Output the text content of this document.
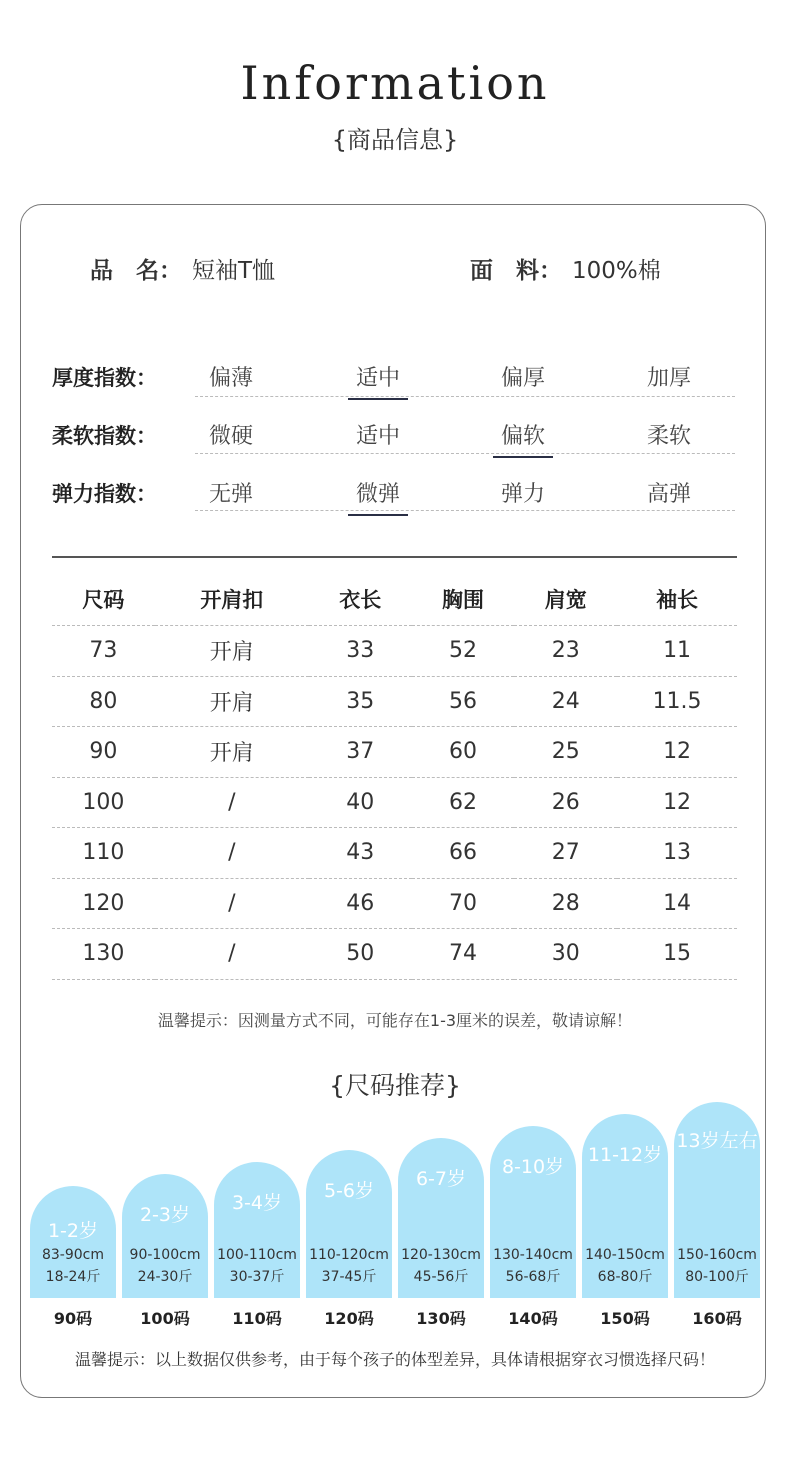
Information
{商品信息}
品　名： 短袖T恤	面　料： 100%棉
厚度指数：	偏薄	适中	偏厚	加厚
柔软指数：	微硬	适中	偏软	柔软
弹力指数：	无弹	微弹	弹力	高弹
尺码	开肩扣	衣长	胸围	肩宽	袖长
73	开肩	33	52	23	11
80	开肩	35	56	24	11.5
90	开肩	37	60	25	12
100	/	40	62	26	12
110	/	43	66	27	13
120	/	46	70	28	14
130	/	50	74	30	15
温馨提示：因测量方式不同，可能存在1-3厘米的误差，敬请谅解！
{尺码推荐}
1-2岁
83-90cm
18-24斤
2-3岁
90-100cm
24-30斤
3-4岁
100-110cm
30-37斤
5-6岁
110-120cm
37-45斤
6-7岁
120-130cm
45-56斤
8-10岁
130-140cm
56-68斤
11-12岁
140-150cm
68-80斤
13岁左右
150-160cm
80-100斤
90码	100码	110码	120码	130码	140码	150码	160码
温馨提示：以上数据仅供参考，由于每个孩子的体型差异，具体请根据穿衣习惯选择尺码！
